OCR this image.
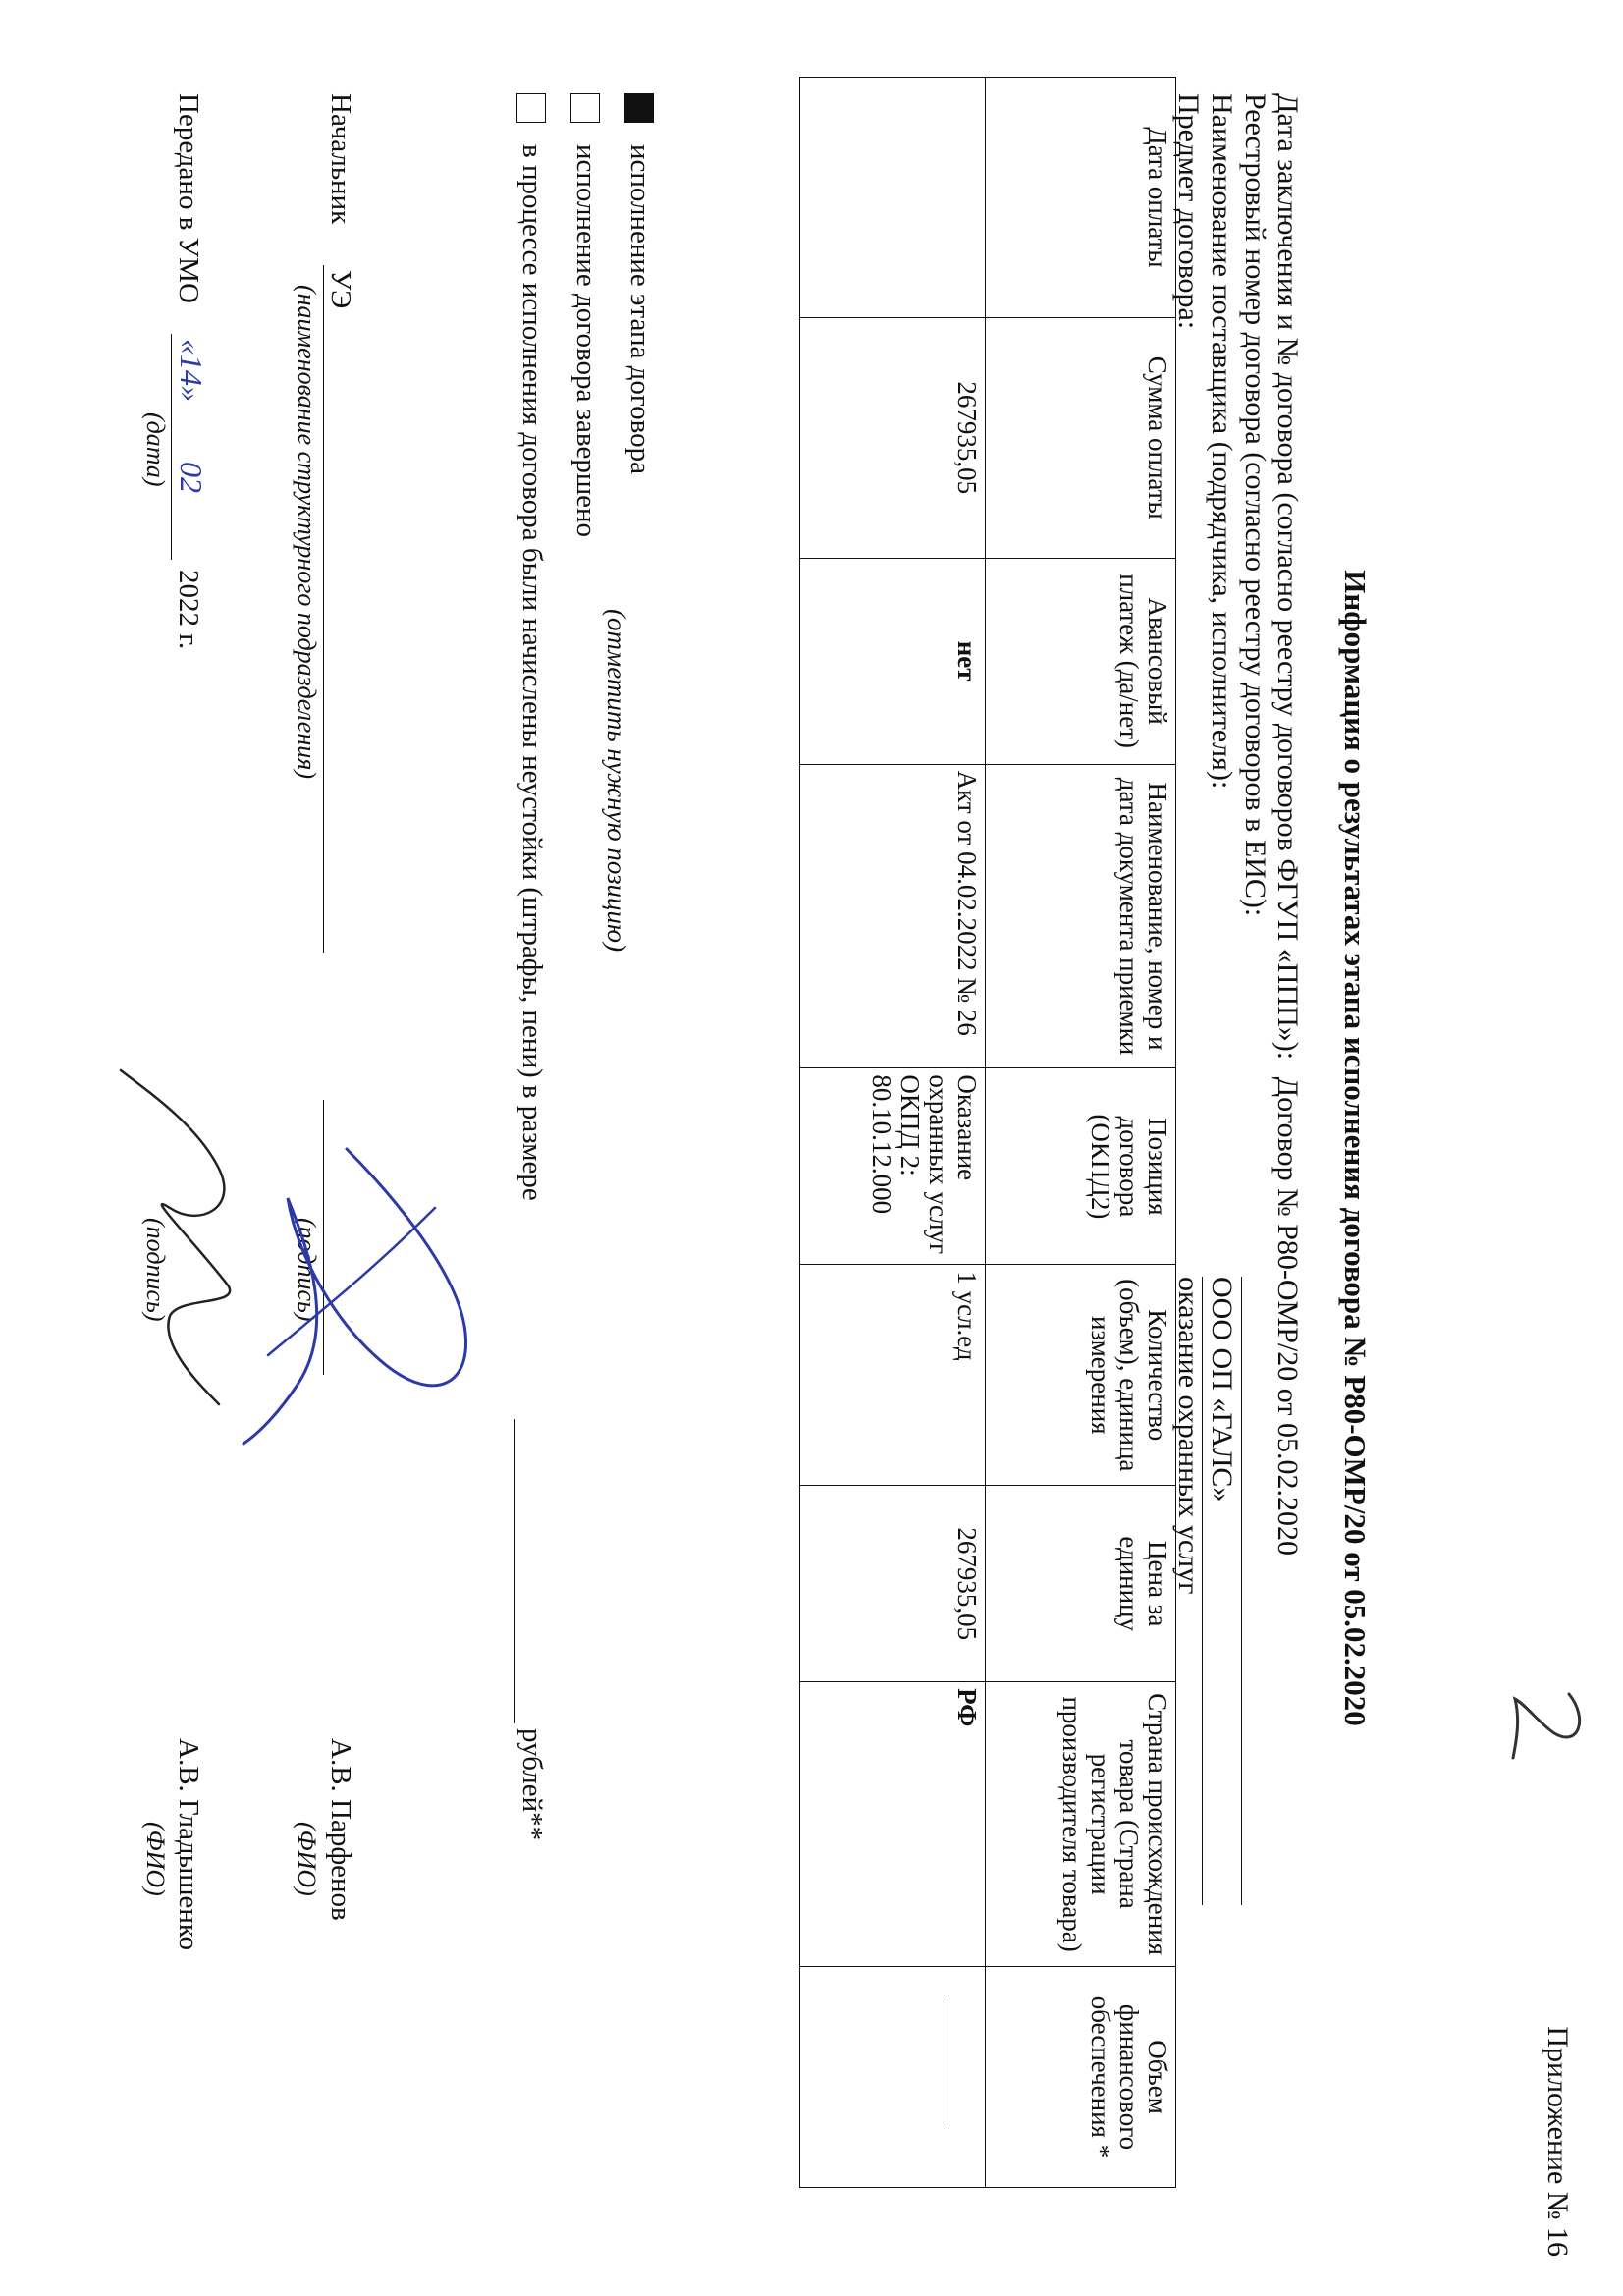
Приложение № 16
Информация о результатах этапа исполнения договора № Р80-ОМР/20 от 05.02.2020
Дата заключения и № договора (согласно реестру договоров ФГУП «ППП»): Договор № Р80-ОМР/20 от 05.02.2020
Реестровый номер договора (согласно реестру договоров в ЕИС):
Наименование поставщика (подрядчика, исполнителя):
ООО ОП «ГАЛС»
Предмет договора:
оказание охранных услуг
Дата оплаты	Сумма оплаты	Авансовый платеж (да/нет)	Наименование, номер и дата документа приемки	Позиция договора (ОКПД2)	Количество (объем), единица измерения	Цена за единицу	Страна происхождения товара (Страна регистрации производителя товара)	Объем финансового обеспечения *
	267935,05	нет	Акт от 04.02.2022 № 26	Оказание охранных услуг ОКПД 2: 80.10.12.000	1 усл.ед	267935,05	РФ	
исполнение этапа договора
(отметить нужную позицию)
исполнение договора завершено
в процессе исполнения договора были начислены неустойки (штрафы, пени) в размере
рублей**
Начальник
УЭ
(наименование структурного подразделения)
(подпись)
А.В. Парфенов
(ФИО)
Передано в УМО
«14»
02
2022 г.
(дата)
(подпись)
А.В. Гладышенко
(ФИО)
